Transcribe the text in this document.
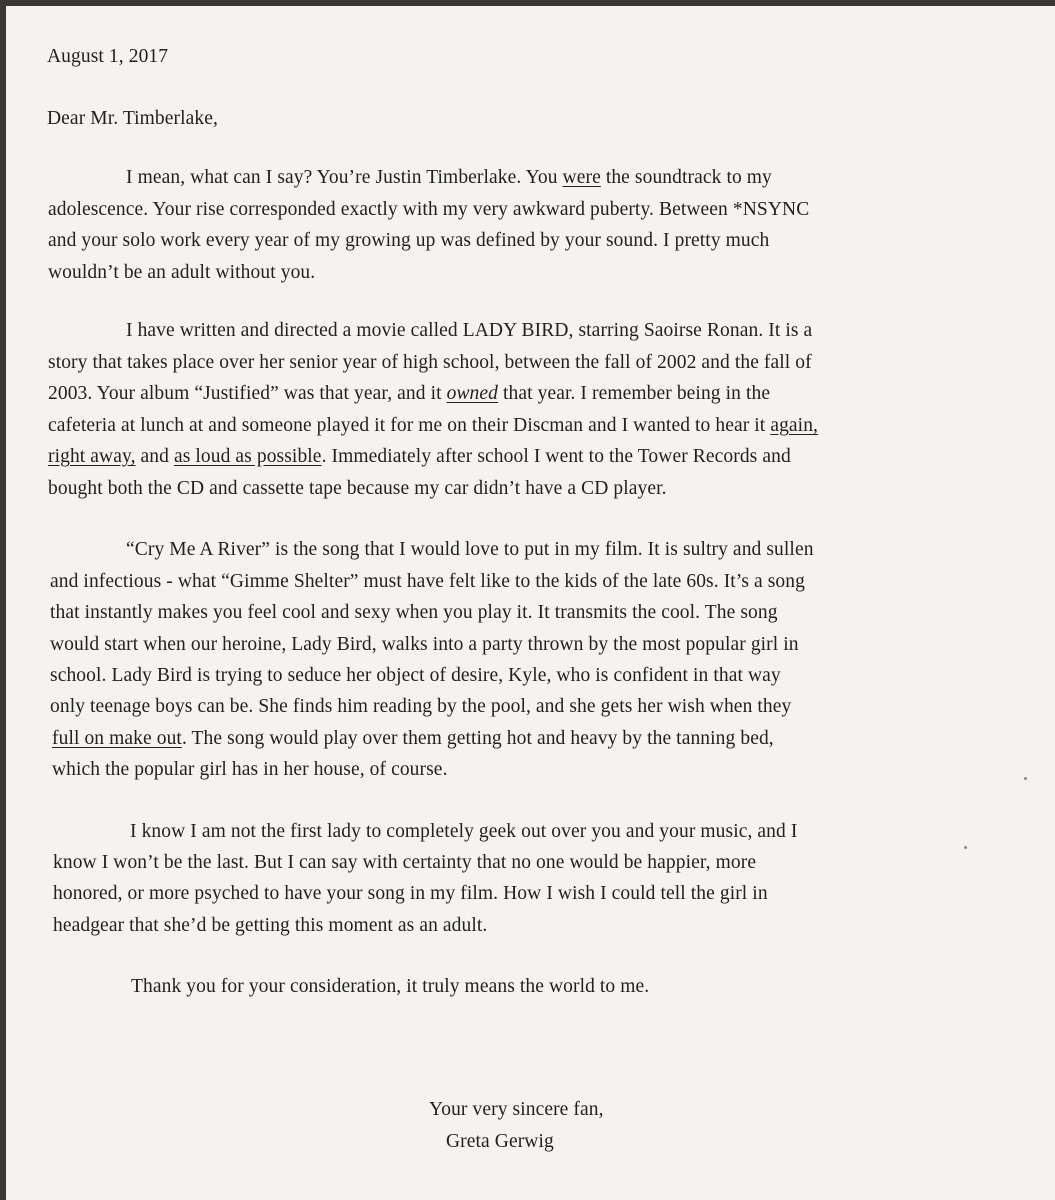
August 1, 2017
Dear Mr. Timberlake,
I mean, what can I say? You’re Justin Timberlake. You were the soundtrack to my
adolescence. Your rise corresponded exactly with my very awkward puberty. Between *NSYNC
and your solo work every year of my growing up was defined by your sound. I pretty much
wouldn’t be an adult without you.
I have written and directed a movie called LADY BIRD, starring Saoirse Ronan. It is a
story that takes place over her senior year of high school, between the fall of 2002 and the fall of
2003. Your album “Justified” was that year, and it owned that year. I remember being in the
cafeteria at lunch at and someone played it for me on their Discman and I wanted to hear it again,
right away, and as loud as possible. Immediately after school I went to the Tower Records and
bought both the CD and cassette tape because my car didn’t have a CD player.
“Cry Me A River” is the song that I would love to put in my film. It is sultry and sullen
and infectious - what “Gimme Shelter” must have felt like to the kids of the late 60s. It’s a song
that instantly makes you feel cool and sexy when you play it. It transmits the cool. The song
would start when our heroine, Lady Bird, walks into a party thrown by the most popular girl in
school. Lady Bird is trying to seduce her object of desire, Kyle, who is confident in that way
only teenage boys can be. She finds him reading by the pool, and she gets her wish when they
full on make out. The song would play over them getting hot and heavy by the tanning bed,
which the popular girl has in her house, of course.
I know I am not the first lady to completely geek out over you and your music, and I
know I won’t be the last. But I can say with certainty that no one would be happier, more
honored, or more psyched to have your song in my film. How I wish I could tell the girl in
headgear that she’d be getting this moment as an adult.
Thank you for your consideration, it truly means the world to me.
Your very sincere fan,
Greta Gerwig
